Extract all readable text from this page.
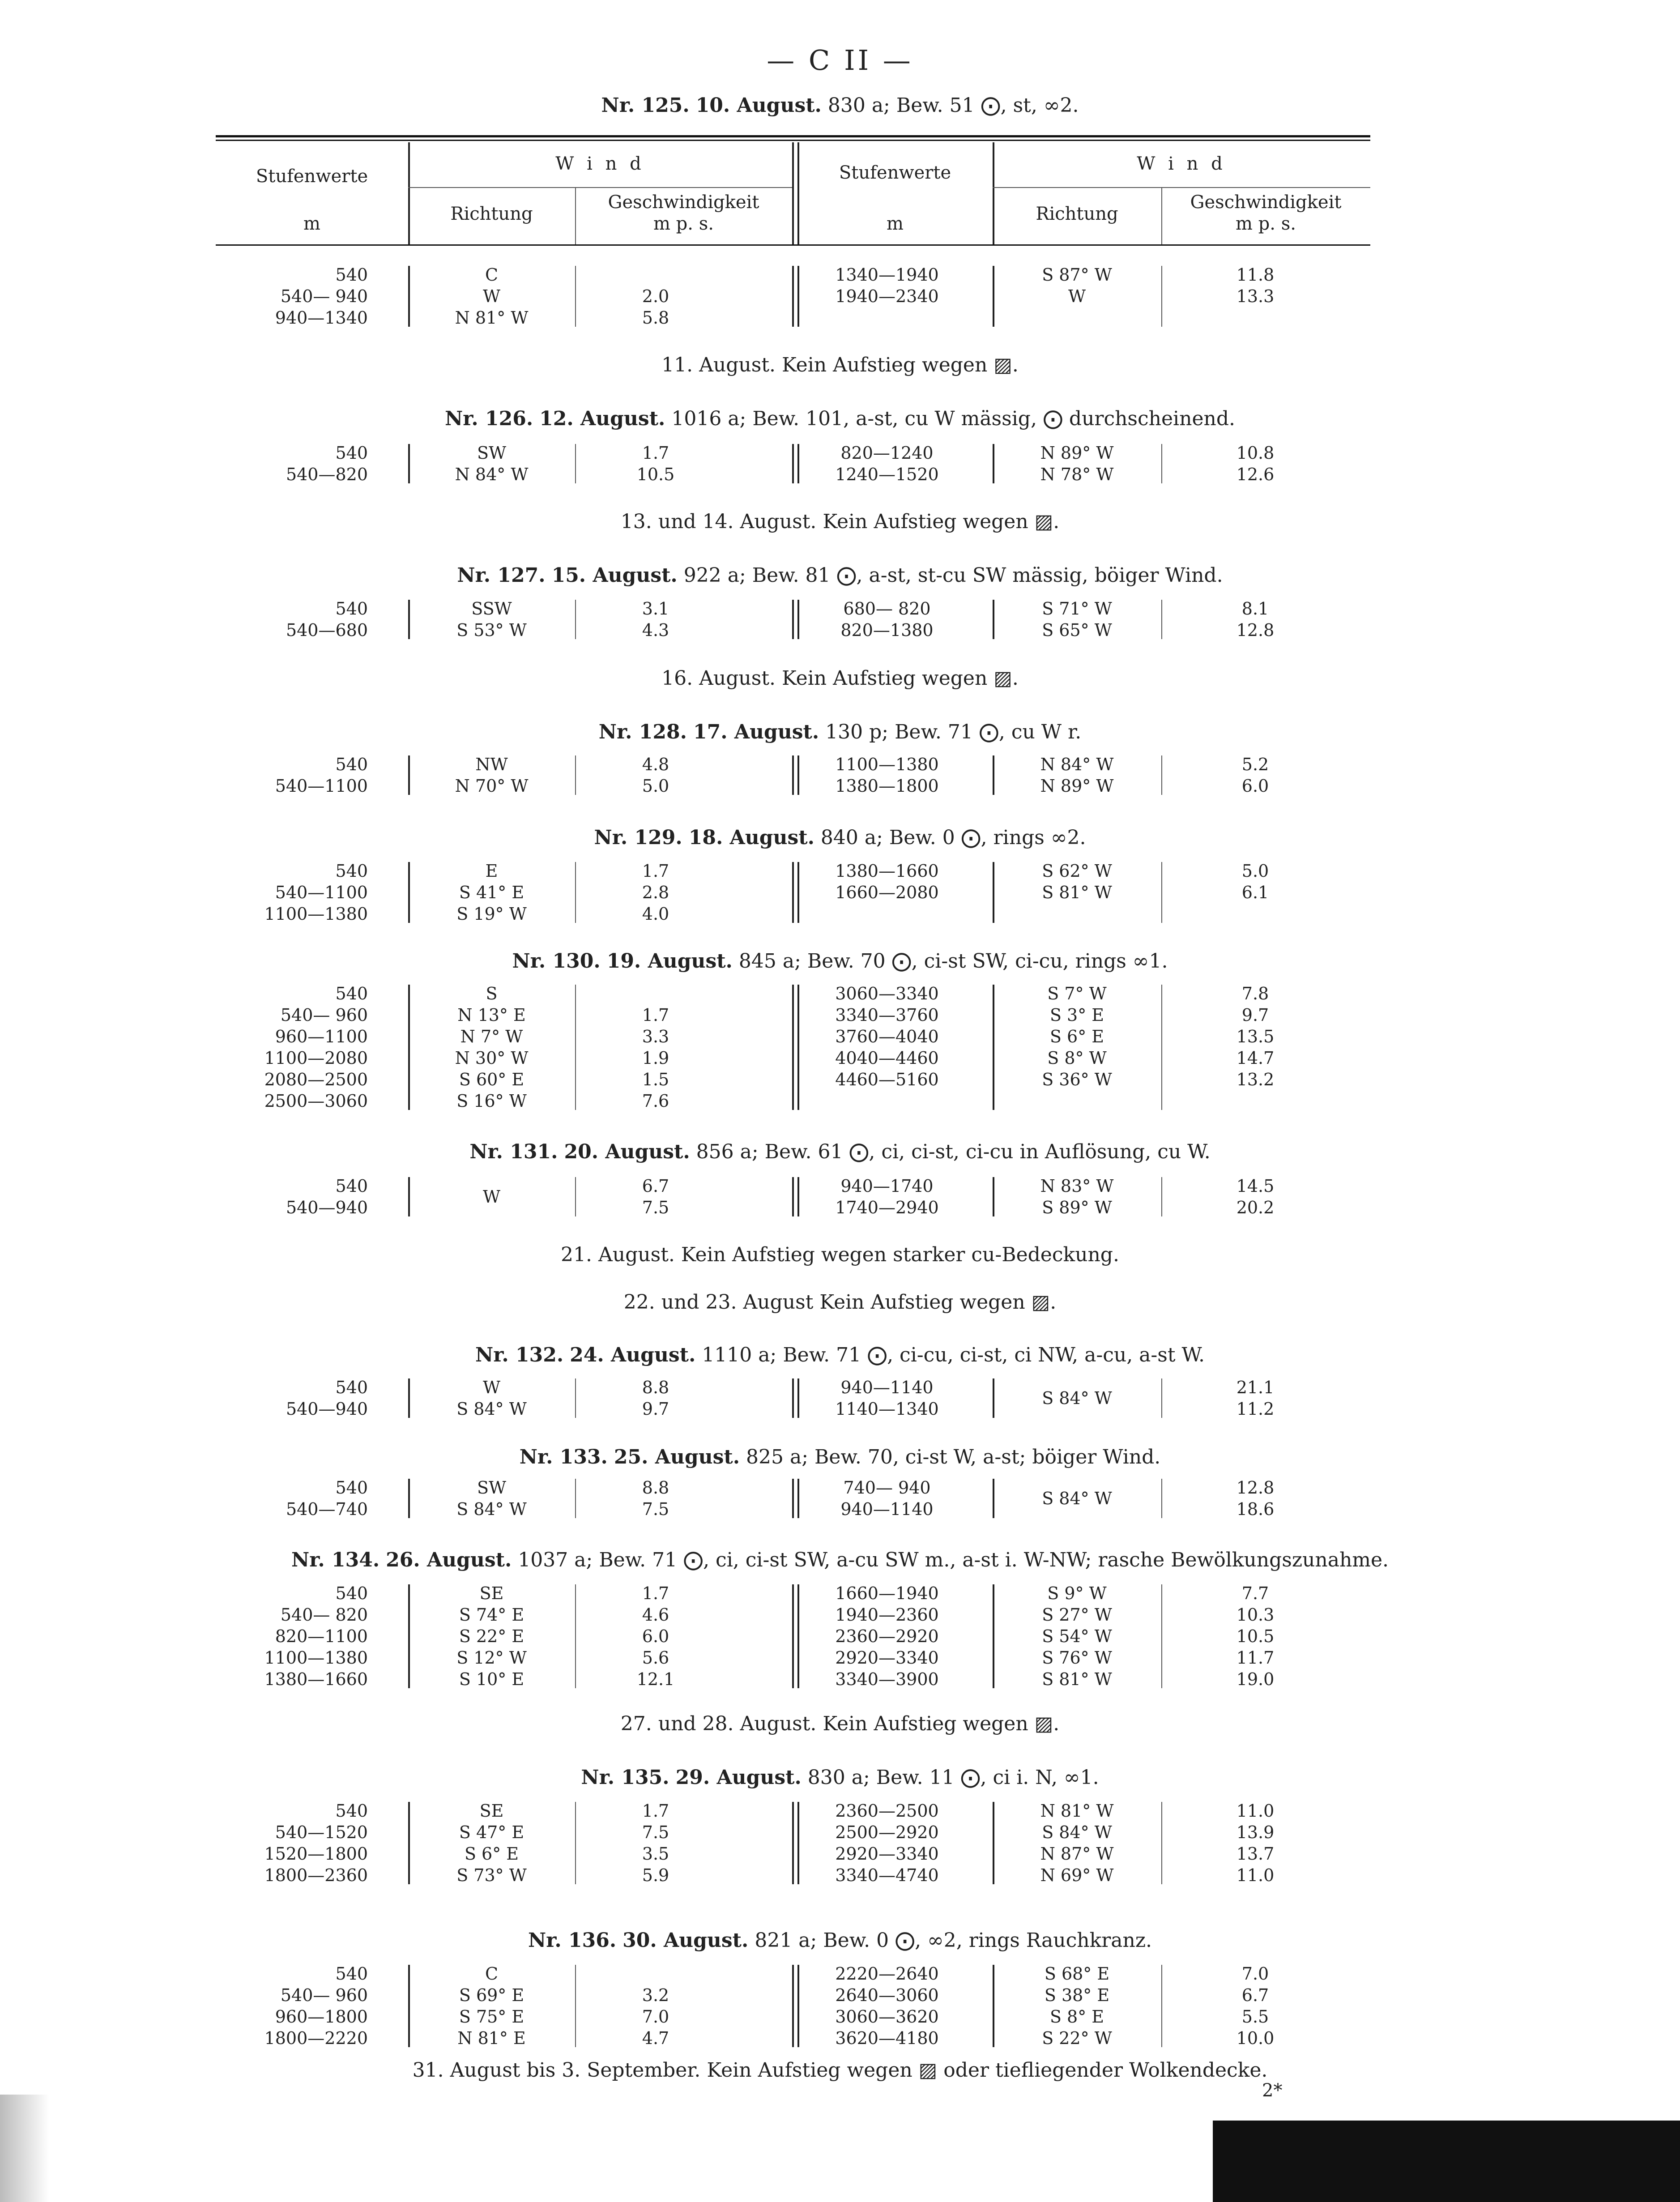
— C II —
Nr. 125. 10. August. 830 a; Bew. 51 ⨀, st, ∞2.
Stufenwerte
m
W i n d
Richtung
Geschwindigkeit
m p. s.
Stufenwerte
m
W i n d
Richtung
Geschwindigkeit
m p. s.
540
540— 940
940—1340
C
W
N 81° W
2.0
5.8
1340—1940
1940—2340
S 87° W
W
11.8
13.3
11. August. Kein Aufstieg wegen ▨.
Nr. 126. 12. August. 1016 a; Bew. 101, a-st, cu W mässig, ⨀ durchscheinend.
540
540—820
SW
N 84° W
1.7
10.5
820—1240
1240—1520
N 89° W
N 78° W
10.8
12.6
13. und 14. August. Kein Aufstieg wegen ▨.
Nr. 127. 15. August. 922 a; Bew. 81 ⨀, a-st, st-cu SW mässig, böiger Wind.
540
540—680
SSW
S 53° W
3.1
4.3
680— 820
820—1380
S 71° W
S 65° W
8.1
12.8
16. August. Kein Aufstieg wegen ▨.
Nr. 128. 17. August. 130 p; Bew. 71 ⨀, cu W r.
540
540—1100
NW
N 70° W
4.8
5.0
1100—1380
1380—1800
N 84° W
N 89° W
5.2
6.0
Nr. 129. 18. August. 840 a; Bew. 0 ⨀, rings ∞2.
540
540—1100
1100—1380
E
S 41° E
S 19° W
1.7
2.8
4.0
1380—1660
1660—2080
S 62° W
S 81° W
5.0
6.1
Nr. 130. 19. August. 845 a; Bew. 70 ⨀, ci-st SW, ci-cu, rings ∞1.
540
540— 960
960—1100
1100—2080
2080—2500
2500—3060
S
N 13° E
N 7° W
N 30° W
S 60° E
S 16° W
1.7
3.3
1.9
1.5
7.6
3060—3340
3340—3760
3760—4040
4040—4460
4460—5160
S 7° W
S 3° E
S 6° E
S 8° W
S 36° W
7.8
9.7
13.5
14.7
13.2
Nr. 131. 20. August. 856 a; Bew. 61 ⨀, ci, ci-st, ci-cu in Auflösung, cu W.
540
540—940
W
6.7
7.5
940—1740
1740—2940
N 83° W
S 89° W
14.5
20.2
21. August. Kein Aufstieg wegen starker cu-Bedeckung.
22. und 23. August Kein Aufstieg wegen ▨.
Nr. 132. 24. August. 1110 a; Bew. 71 ⨀, ci-cu, ci-st, ci NW, a-cu, a-st W.
540
540—940
W
S 84° W
8.8
9.7
940—1140
1140—1340
S 84° W
21.1
11.2
Nr. 133. 25. August. 825 a; Bew. 70, ci-st W, a-st; böiger Wind.
540
540—740
SW
S 84° W
8.8
7.5
740— 940
940—1140
S 84° W
12.8
18.6
Nr. 134. 26. August. 1037 a; Bew. 71 ⨀, ci, ci-st SW, a-cu SW m., a-st i. W-NW; rasche Bewölkungszunahme.
540
540— 820
820—1100
1100—1380
1380—1660
SE
S 74° E
S 22° E
S 12° W
S 10° E
1.7
4.6
6.0
5.6
12.1
1660—1940
1940—2360
2360—2920
2920—3340
3340—3900
S 9° W
S 27° W
S 54° W
S 76° W
S 81° W
7.7
10.3
10.5
11.7
19.0
27. und 28. August. Kein Aufstieg wegen ▨.
Nr. 135. 29. August. 830 a; Bew. 11 ⨀, ci i. N, ∞1.
540
540—1520
1520—1800
1800—2360
SE
S 47° E
S 6° E
S 73° W
1.7
7.5
3.5
5.9
2360—2500
2500—2920
2920—3340
3340—4740
N 81° W
S 84° W
N 87° W
N 69° W
11.0
13.9
13.7
11.0
Nr. 136. 30. August. 821 a; Bew. 0 ⨀, ∞2, rings Rauchkranz.
540
540— 960
960—1800
1800—2220
C
S 69° E
S 75° E
N 81° E
3.2
7.0
4.7
2220—2640
2640—3060
3060—3620
3620—4180
S 68° E
S 38° E
S 8° E
S 22° W
7.0
6.7
5.5
10.0
31. August bis 3. September. Kein Aufstieg wegen ▨ oder tiefliegender Wolkendecke.
2*
